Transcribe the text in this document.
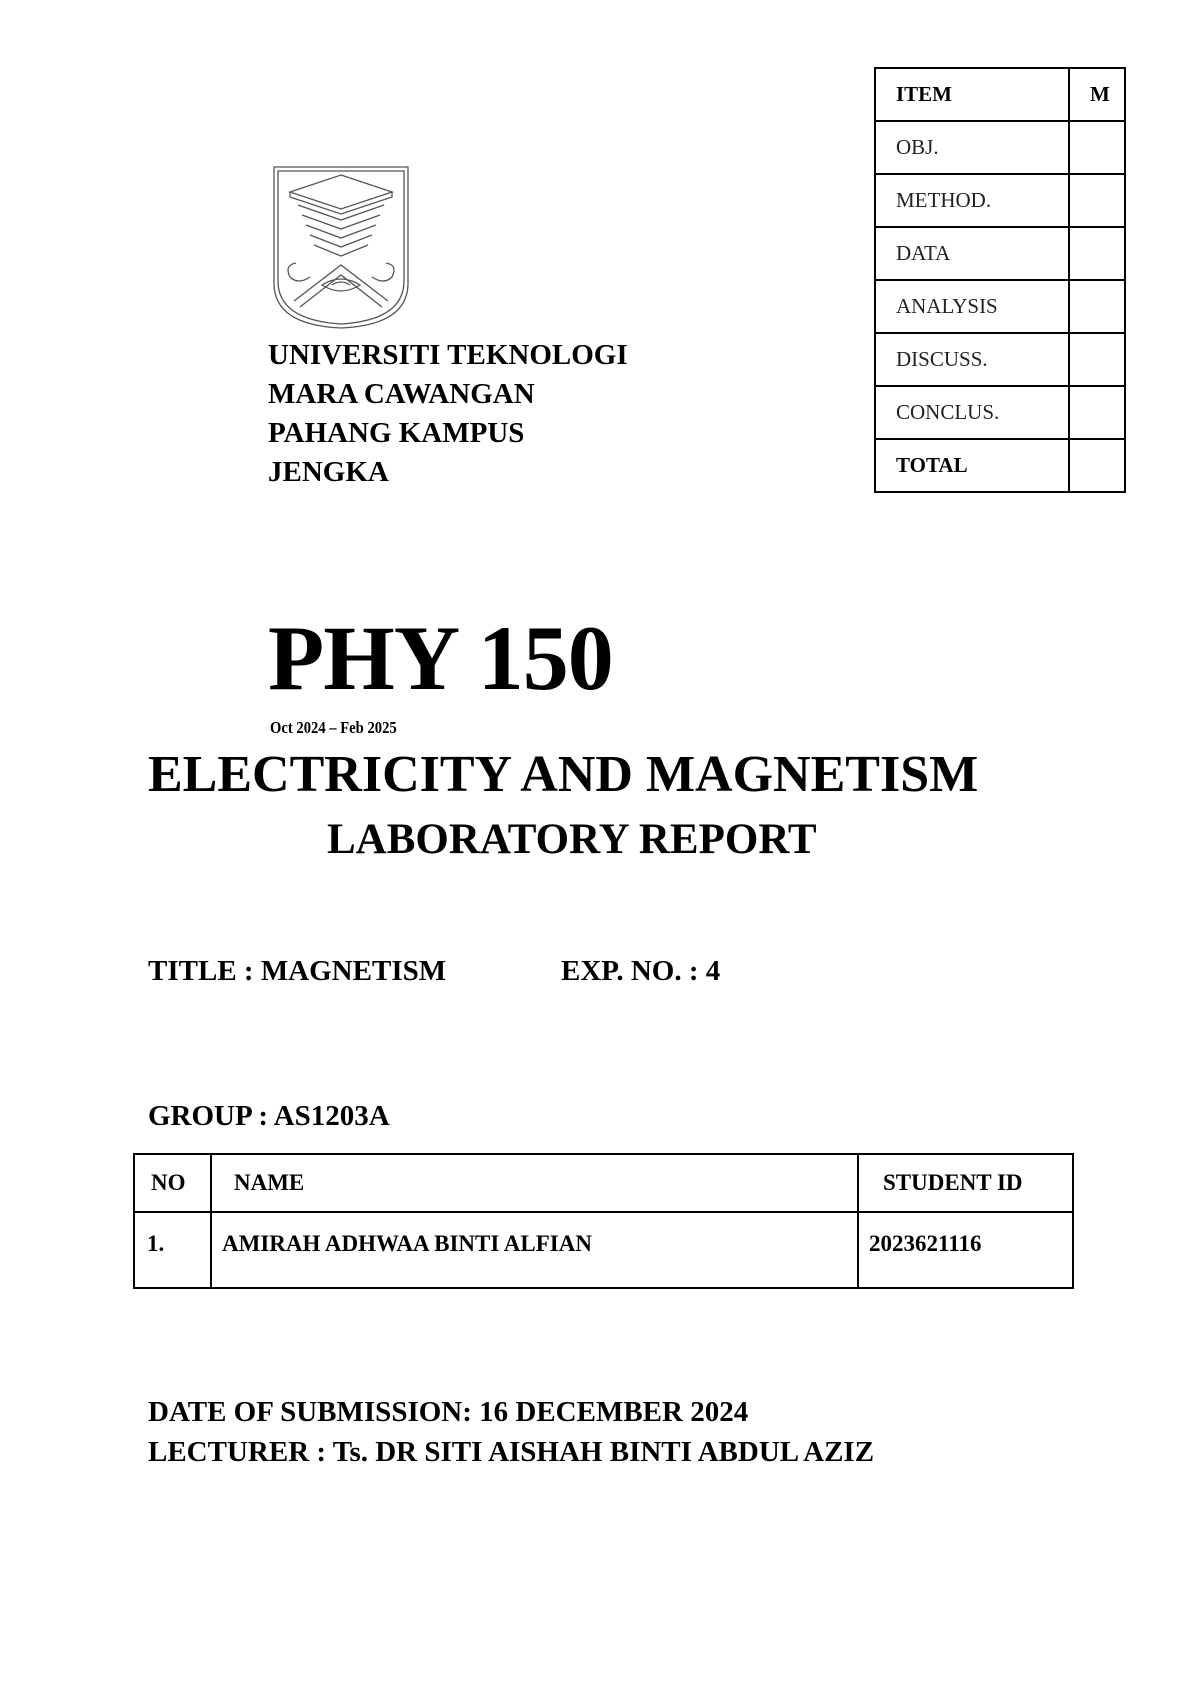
UNIVERSITI TEKNOLOGI
MARA CAWANGAN
PAHANG KAMPUS
JENGKA
ITEM	M
OBJ.	
METHOD.	
DATA	
ANALYSIS	
DISCUSS.	
CONCLUS.	
TOTAL	
PHY 150
Oct 2024 – Feb 2025
ELECTRICITY AND MAGNETISM
LABORATORY REPORT
TITLE : MAGNETISM	EXP. NO. : 4
GROUP : AS1203A
NO	NAME	STUDENT ID
1.	AMIRAH ADHWAA BINTI ALFIAN	2023621116
DATE OF SUBMISSION: 16 DECEMBER 2024
LECTURER : Ts. DR SITI AISHAH BINTI ABDUL AZIZ
